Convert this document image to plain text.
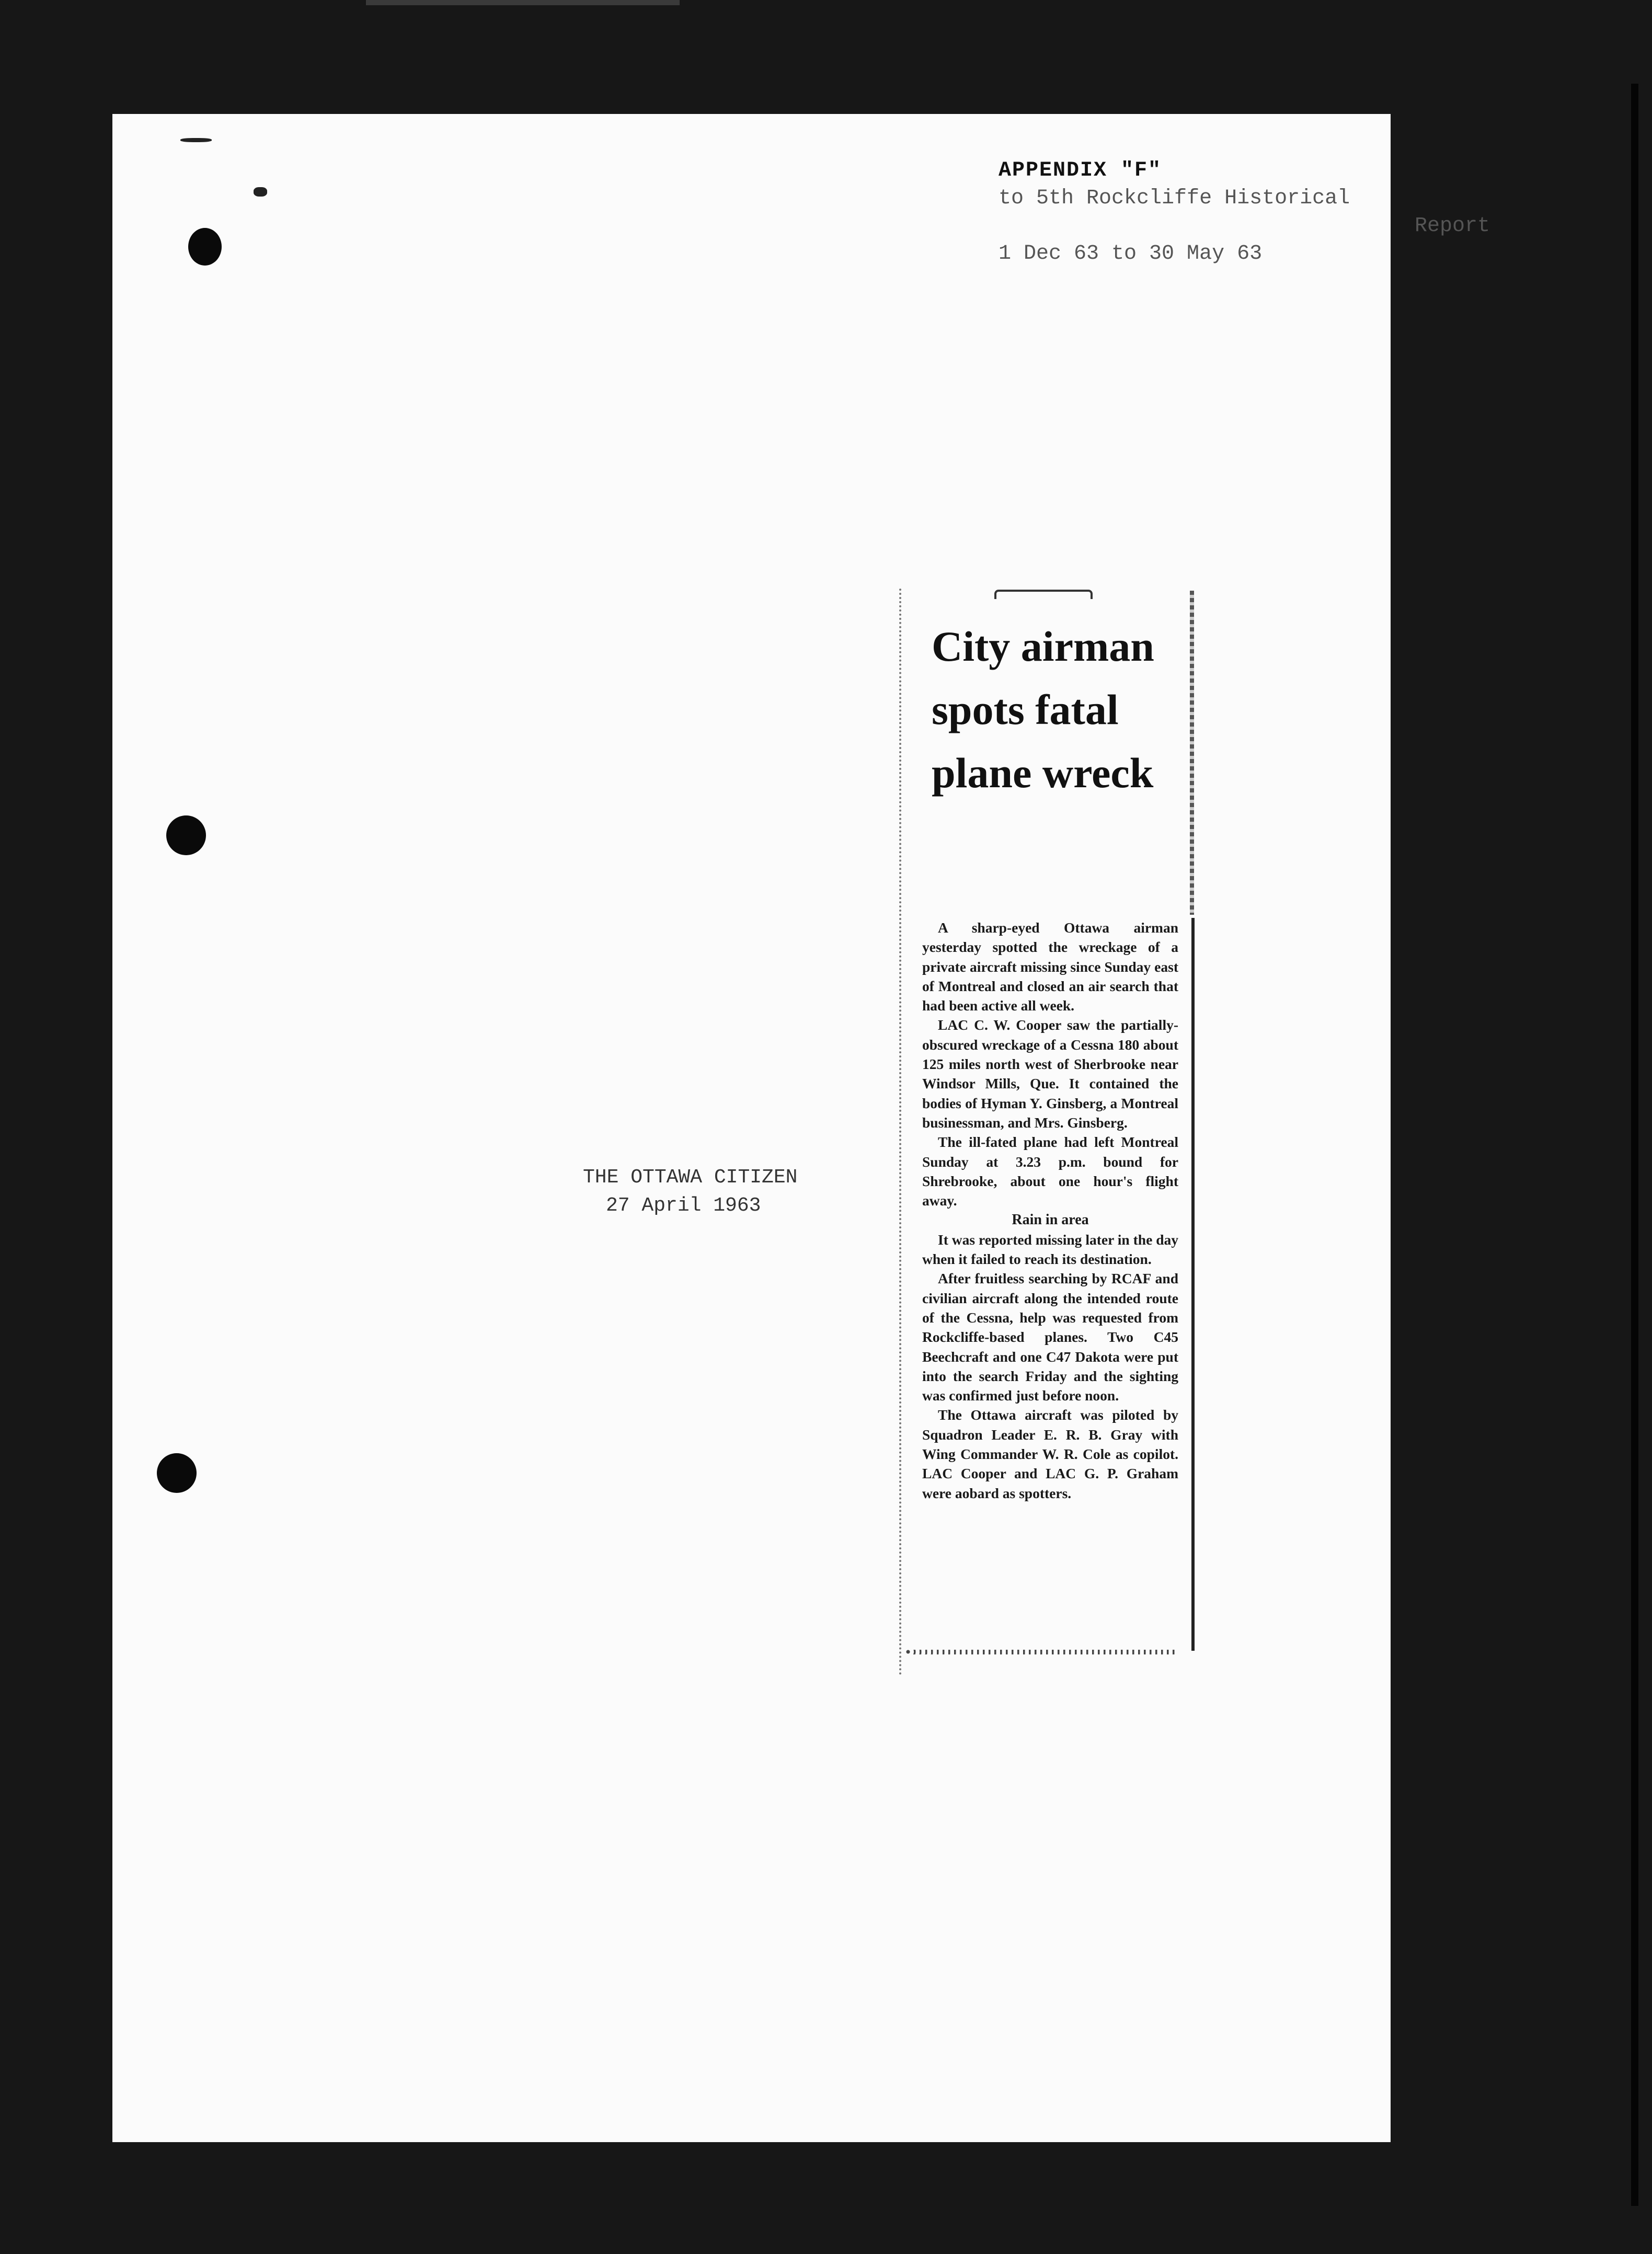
APPENDIX "F"
to 5th Rockcliffe Historical
Report
1 Dec 63 to 30 May 63
THE OTTAWA CITIZEN
27 April 1963
City airman spots fatal plane wreck

A sharp-eyed Ottawa airman yesterday spotted the wreckage of a private aircraft missing since Sunday east of Montreal and closed an air search that had been active all week.

LAC C. W. Cooper saw the partially-obscured wreckage of a Cessna 180 about 125 miles north west of Sherbrooke near Windsor Mills, Que. It contained the bodies of Hyman Y. Ginsberg, a Montreal businessman, and Mrs. Ginsberg.

The ill-fated plane had left Montreal Sunday at 3.23 p.m. bound for Shrebrooke, about one hour's flight away.

Rain in area

It was reported missing later in the day when it failed to reach its destination.

After fruitless searching by RCAF and civilian aircraft along the intended route of the Cessna, help was requested from Rockcliffe-based planes. Two C45 Beechcraft and one C47 Dakota were put into the search Friday and the sighting was confirmed just before noon.

The Ottawa aircraft was piloted by Squadron Leader E. R. B. Gray with Wing Commander W. R. Cole as copilot. LAC Cooper and LAC G. P. Graham were aobard as spotters.
